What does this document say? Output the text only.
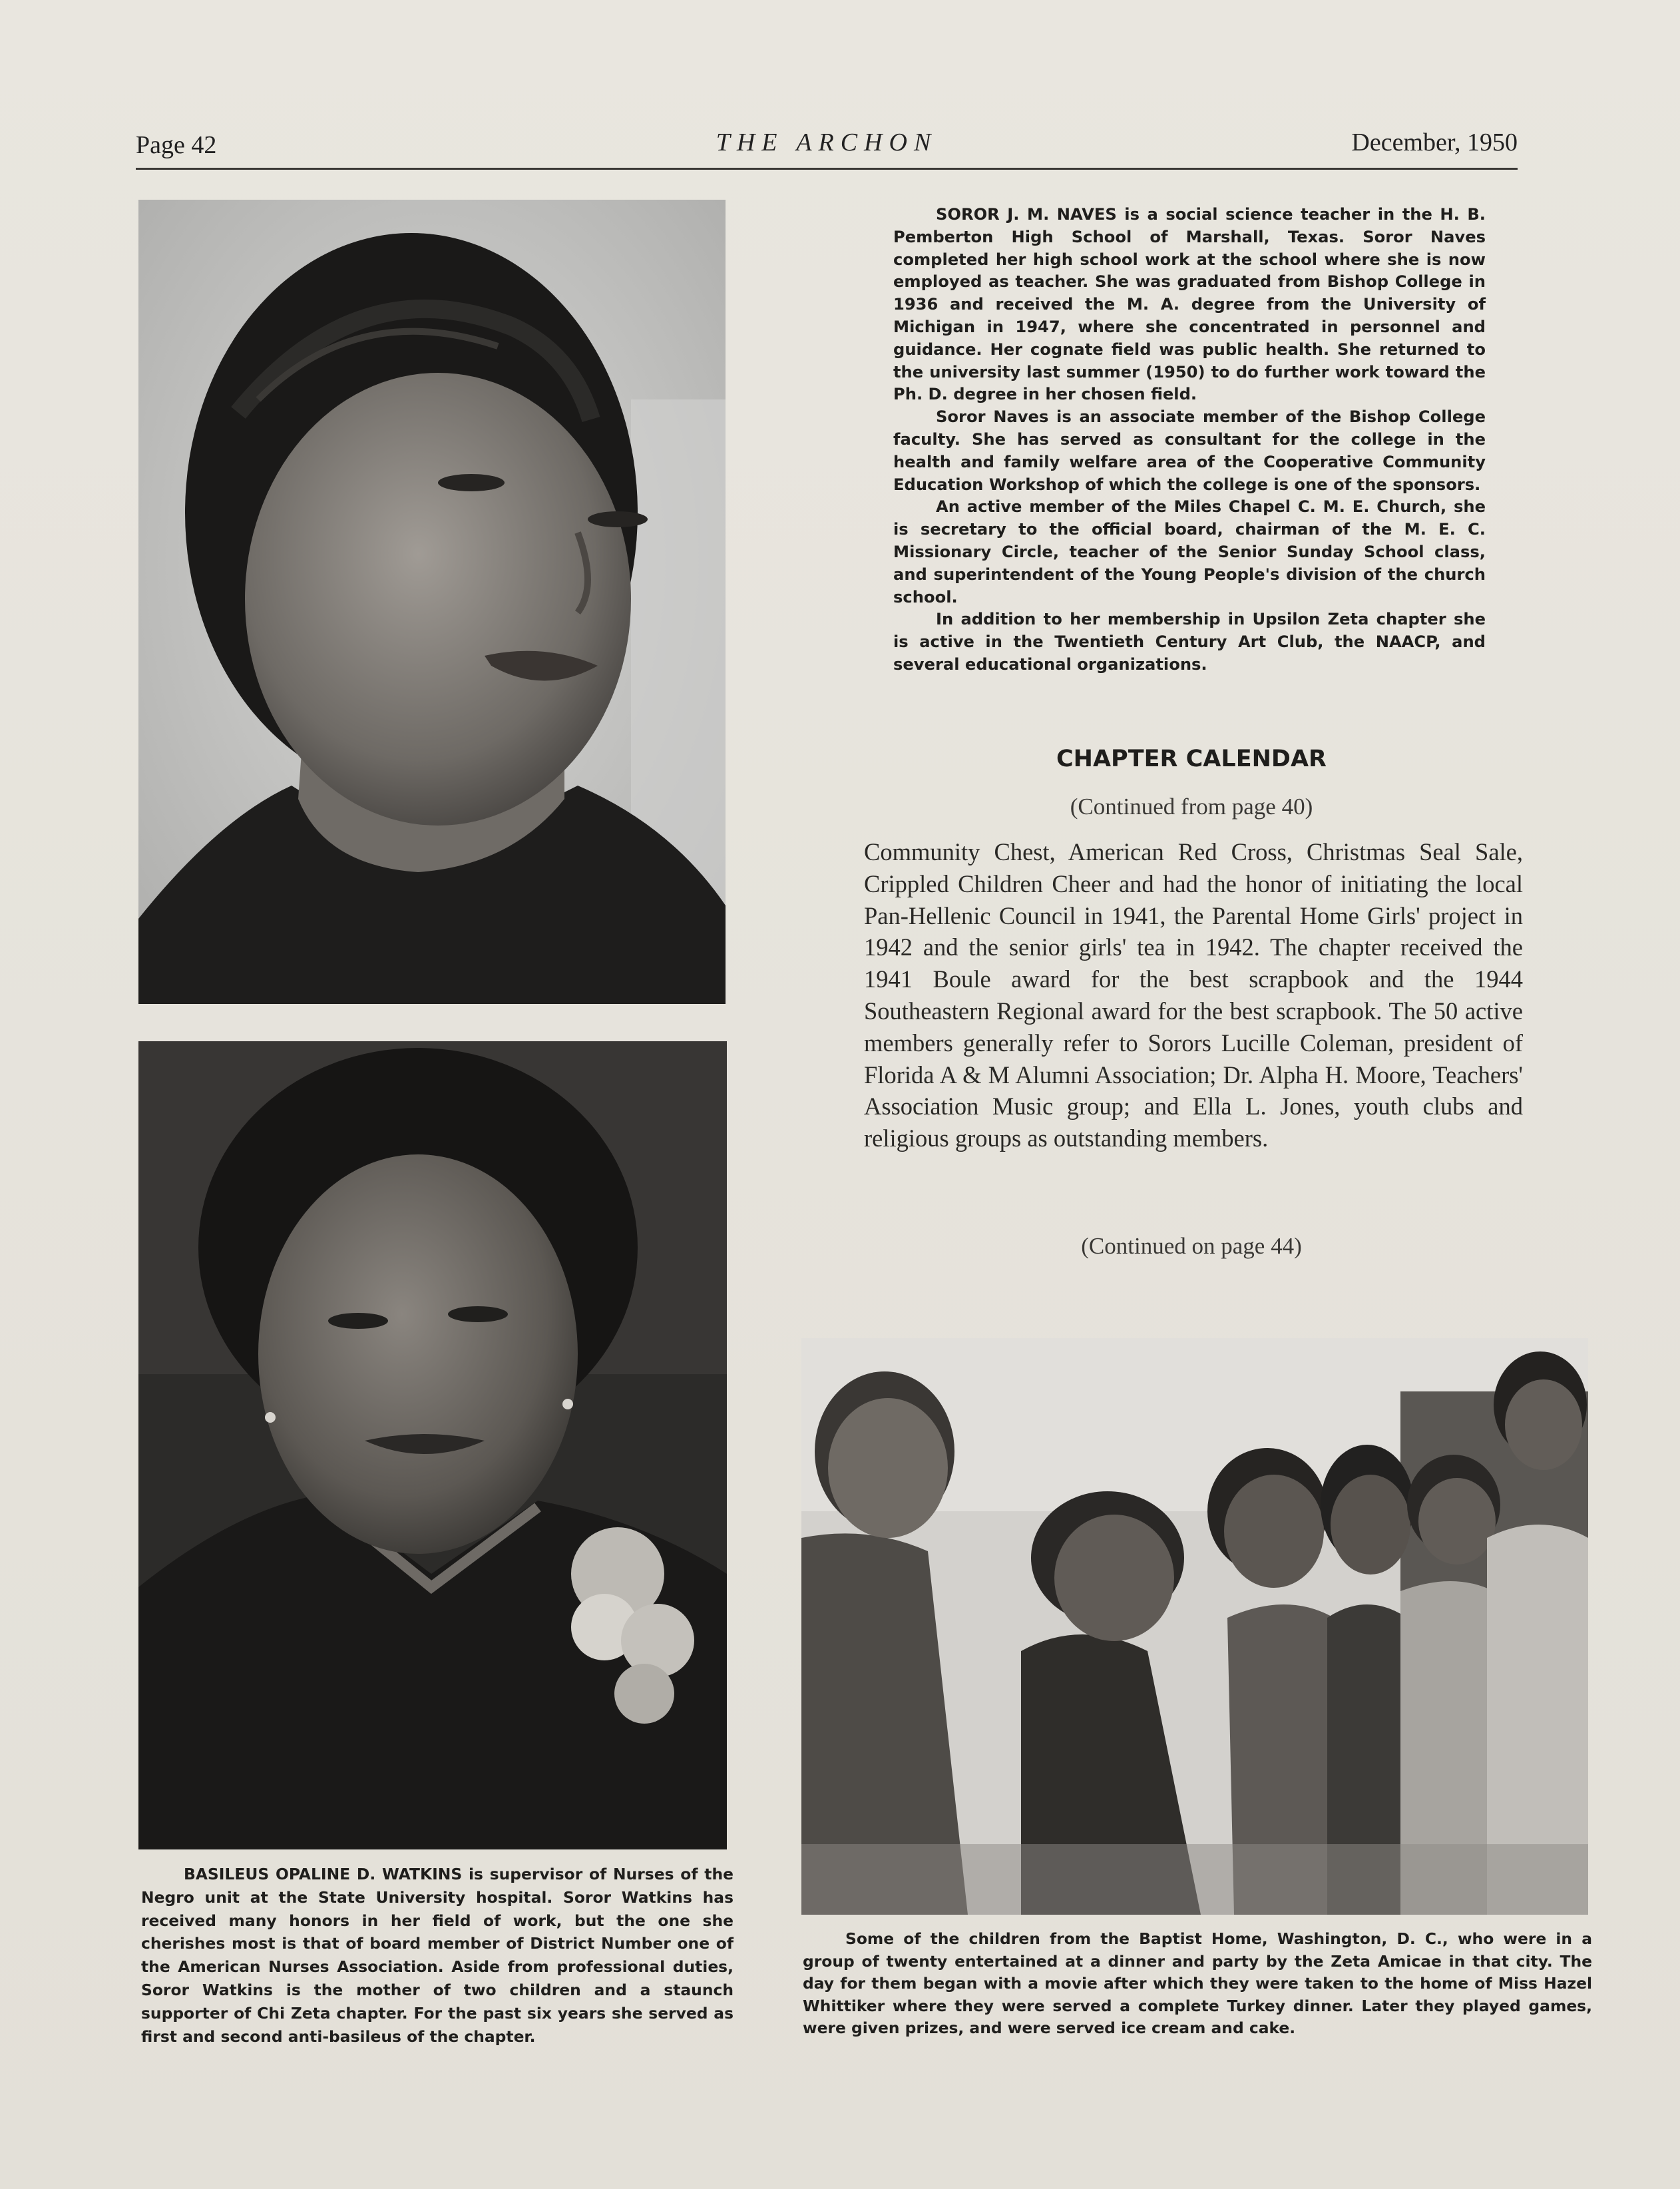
Page 42	THE ARCHON	December, 1950

SOROR J. M. NAVES is a social science teacher in the H. B. Pemberton High School of Marshall, Texas. Soror Naves completed her high school work at the school where she is now employed as teacher. She was graduated from Bishop College in 1936 and received the M. A. degree from the University of Michigan in 1947, where she concentrated in personnel and guidance. Her cognate field was public health. She returned to the university last summer (1950) to do further work toward the Ph. D. degree in her chosen field.

Soror Naves is an associate member of the Bishop College faculty. She has served as consultant for the college in the health and family welfare area of the Cooperative Community Education Workshop of which the college is one of the sponsors.

An active member of the Miles Chapel C. M. E. Church, she is secretary to the official board, chairman of the M. E. C. Missionary Circle, teacher of the Senior Sunday School class, and superintendent of the Young People's division of the church school.

In addition to her membership in Upsilon Zeta chapter she is active in the Twentieth Century Art Club, the NAACP, and several educational organizations.

CHAPTER CALENDAR
(Continued from page 40)

Community Chest, American Red Cross, Christmas Seal Sale, Crippled Children Cheer and had the honor of initiating the local Pan-Hellenic Council in 1941, the Parental Home Girls' project in 1942 and the senior girls' tea in 1942. The chapter received the 1941 Boule award for the best scrapbook and the 1944 Southeastern Regional award for the best scrapbook. The 50 active members generally refer to Sorors Lucille Coleman, president of Florida A & M Alumni Association; Dr. Alpha H. Moore, Teachers' Association Music group; and Ella L. Jones, youth clubs and religious groups as outstanding members.

(Continued on page 44)

BASILEUS OPALINE D. WATKINS is supervisor of Nurses of the Negro unit at the State University hospital. Soror Watkins has received many honors in her field of work, but the one she cherishes most is that of board member of District Number one of the American Nurses Association. Aside from professional duties, Soror Watkins is the mother of two children and a staunch supporter of Chi Zeta chapter. For the past six years she served as first and second anti-basileus of the chapter.

Some of the children from the Baptist Home, Washington, D. C., who were in a group of twenty entertained at a dinner and party by the Zeta Amicae in that city. The day for them began with a movie after which they were taken to the home of Miss Hazel Whittiker where they were served a complete Turkey dinner. Later they played games, were given prizes, and were served ice cream and cake.
